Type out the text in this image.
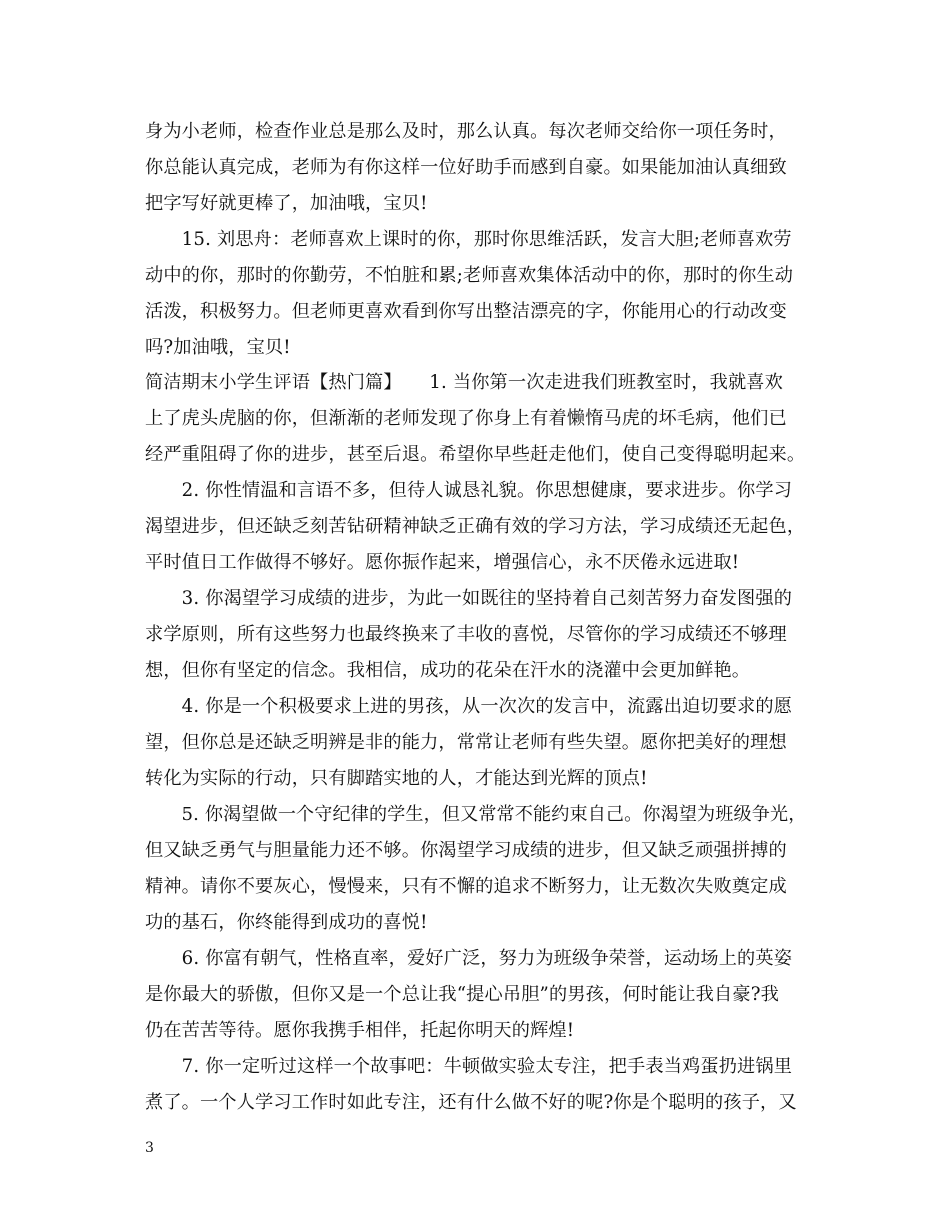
身为小老师，检查作业总是那么及时，那么认真。每次老师交给你一项任务时，
你总能认真完成，老师为有你这样一位好助手而感到自豪。如果能加油认真细致
把字写好就更棒了，加油哦，宝贝!
　　15. 刘思舟：老师喜欢上课时的你，那时你思维活跃，发言大胆;老师喜欢劳
动中的你，那时的你勤劳，不怕脏和累;老师喜欢集体活动中的你，那时的你生动
活泼，积极努力。但老师更喜欢看到你写出整洁漂亮的字，你能用心的行动改变
吗?加油哦，宝贝!
简洁期末小学生评语【热门篇】　　1. 当你第一次走进我们班教室时，我就喜欢
上了虎头虎脑的你，但渐渐的老师发现了你身上有着懒惰马虎的坏毛病，他们已
经严重阻碍了你的进步，甚至后退。希望你早些赶走他们，使自己变得聪明起来。
　　2. 你性情温和言语不多，但待人诚恳礼貌。你思想健康，要求进步。你学习
渴望进步，但还缺乏刻苦钻研精神缺乏正确有效的学习方法，学习成绩还无起色，
平时值日工作做得不够好。愿你振作起来，增强信心，永不厌倦永远进取!
　　3. 你渴望学习成绩的进步，为此一如既往的坚持着自己刻苦努力奋发图强的
求学原则，所有这些努力也最终换来了丰收的喜悦，尽管你的学习成绩还不够理
想，但你有坚定的信念。我相信，成功的花朵在汗水的浇灌中会更加鲜艳。
　　4. 你是一个积极要求上进的男孩，从一次次的发言中，流露出迫切要求的愿
望，但你总是还缺乏明辨是非的能力，常常让老师有些失望。愿你把美好的理想
转化为实际的行动，只有脚踏实地的人，才能达到光辉的顶点!
　　5. 你渴望做一个守纪律的学生，但又常常不能约束自己。你渴望为班级争光，
但又缺乏勇气与胆量能力还不够。你渴望学习成绩的进步，但又缺乏顽强拼搏的
精神。请你不要灰心，慢慢来，只有不懈的追求不断努力，让无数次失败奠定成
功的基石，你终能得到成功的喜悦!
　　6. 你富有朝气，性格直率，爱好广泛，努力为班级争荣誉，运动场上的英姿
是你最大的骄傲，但你又是一个总让我“提心吊胆”的男孩，何时能让我自豪?我
仍在苦苦等待。愿你我携手相伴，托起你明天的辉煌!
　　7. 你一定听过这样一个故事吧：牛顿做实验太专注，把手表当鸡蛋扔进锅里
煮了。一个人学习工作时如此专注，还有什么做不好的呢?你是个聪明的孩子，又
3
